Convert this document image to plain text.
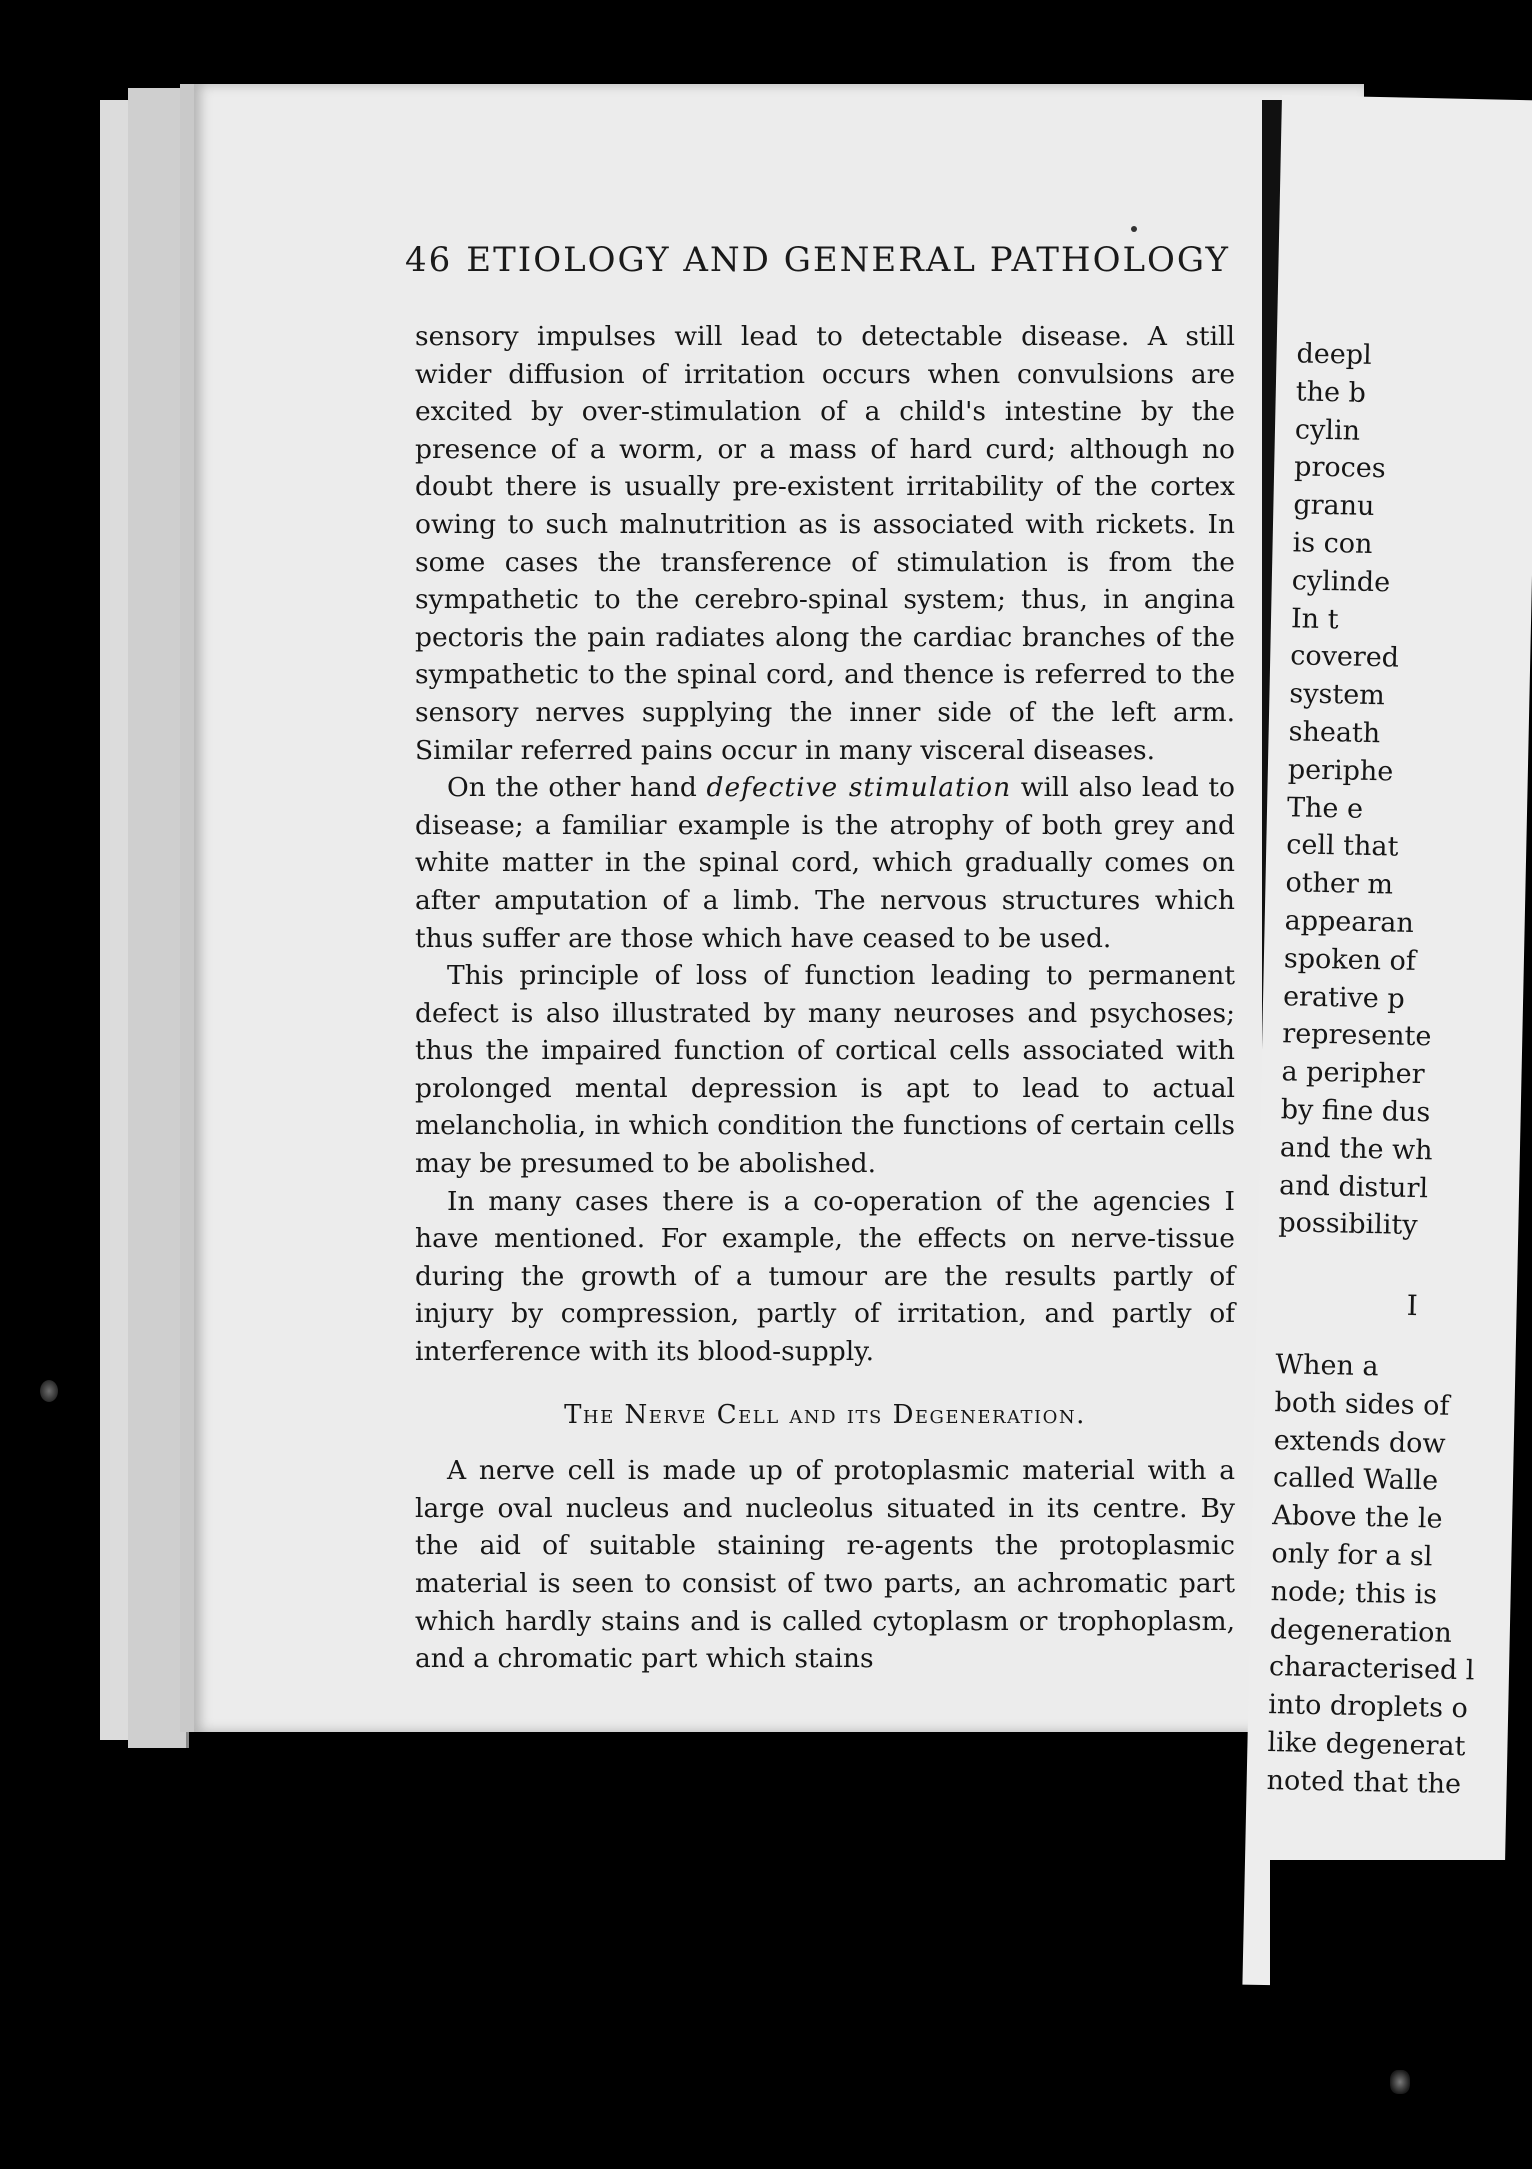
deepl
the b
cylin
proces
granu
is con
cylinde
In t
covered
system
sheath
periphe
The e
cell that
other m
appearan
spoken of
erative p
represente
a peripher
by fine dus
and the wh
and disturl
possibility
I
When a
both sides of
extends dow
called Walle
Above the le
only for a sl
node; this is
degeneration
characterised l
into droplets o
like degenerat
noted that the
46 ETIOLOGY AND GENERAL PATHOLOGY

sensory impulses will lead to detectable disease. A still wider diffusion of irritation occurs when convulsions are excited by over-stimulation of a child's intestine by the presence of a worm, or a mass of hard curd; although no doubt there is usually pre-existent irritability of the cortex owing to such malnutrition as is associated with rickets. In some cases the transference of stimulation is from the sympathetic to the cerebro-spinal system; thus, in angina pectoris the pain radiates along the cardiac branches of the sympathetic to the spinal cord, and thence is referred to the sensory nerves supplying the inner side of the left arm. Similar referred pains occur in many visceral diseases.

On the other hand defective stimulation will also lead to disease; a familiar example is the atrophy of both grey and white matter in the spinal cord, which gradually comes on after amputation of a limb. The nervous structures which thus suffer are those which have ceased to be used.

This principle of loss of function leading to permanent defect is also illustrated by many neuroses and psychoses; thus the impaired function of cortical cells associated with prolonged mental depression is apt to lead to actual melancholia, in which condition the functions of certain cells may be presumed to be abolished.

In many cases there is a co-operation of the agencies I have mentioned. For example, the effects on nerve-tissue during the growth of a tumour are the results partly of injury by compression, partly of irritation, and partly of interference with its blood-supply.

The Nerve Cell and its Degeneration.

A nerve cell is made up of protoplasmic material with a large oval nucleus and nucleolus situated in its centre. By the aid of suitable staining re-agents the protoplasmic material is seen to consist of two parts, an achromatic part which hardly stains and is called cytoplasm or trophoplasm, and a chromatic part which stains
